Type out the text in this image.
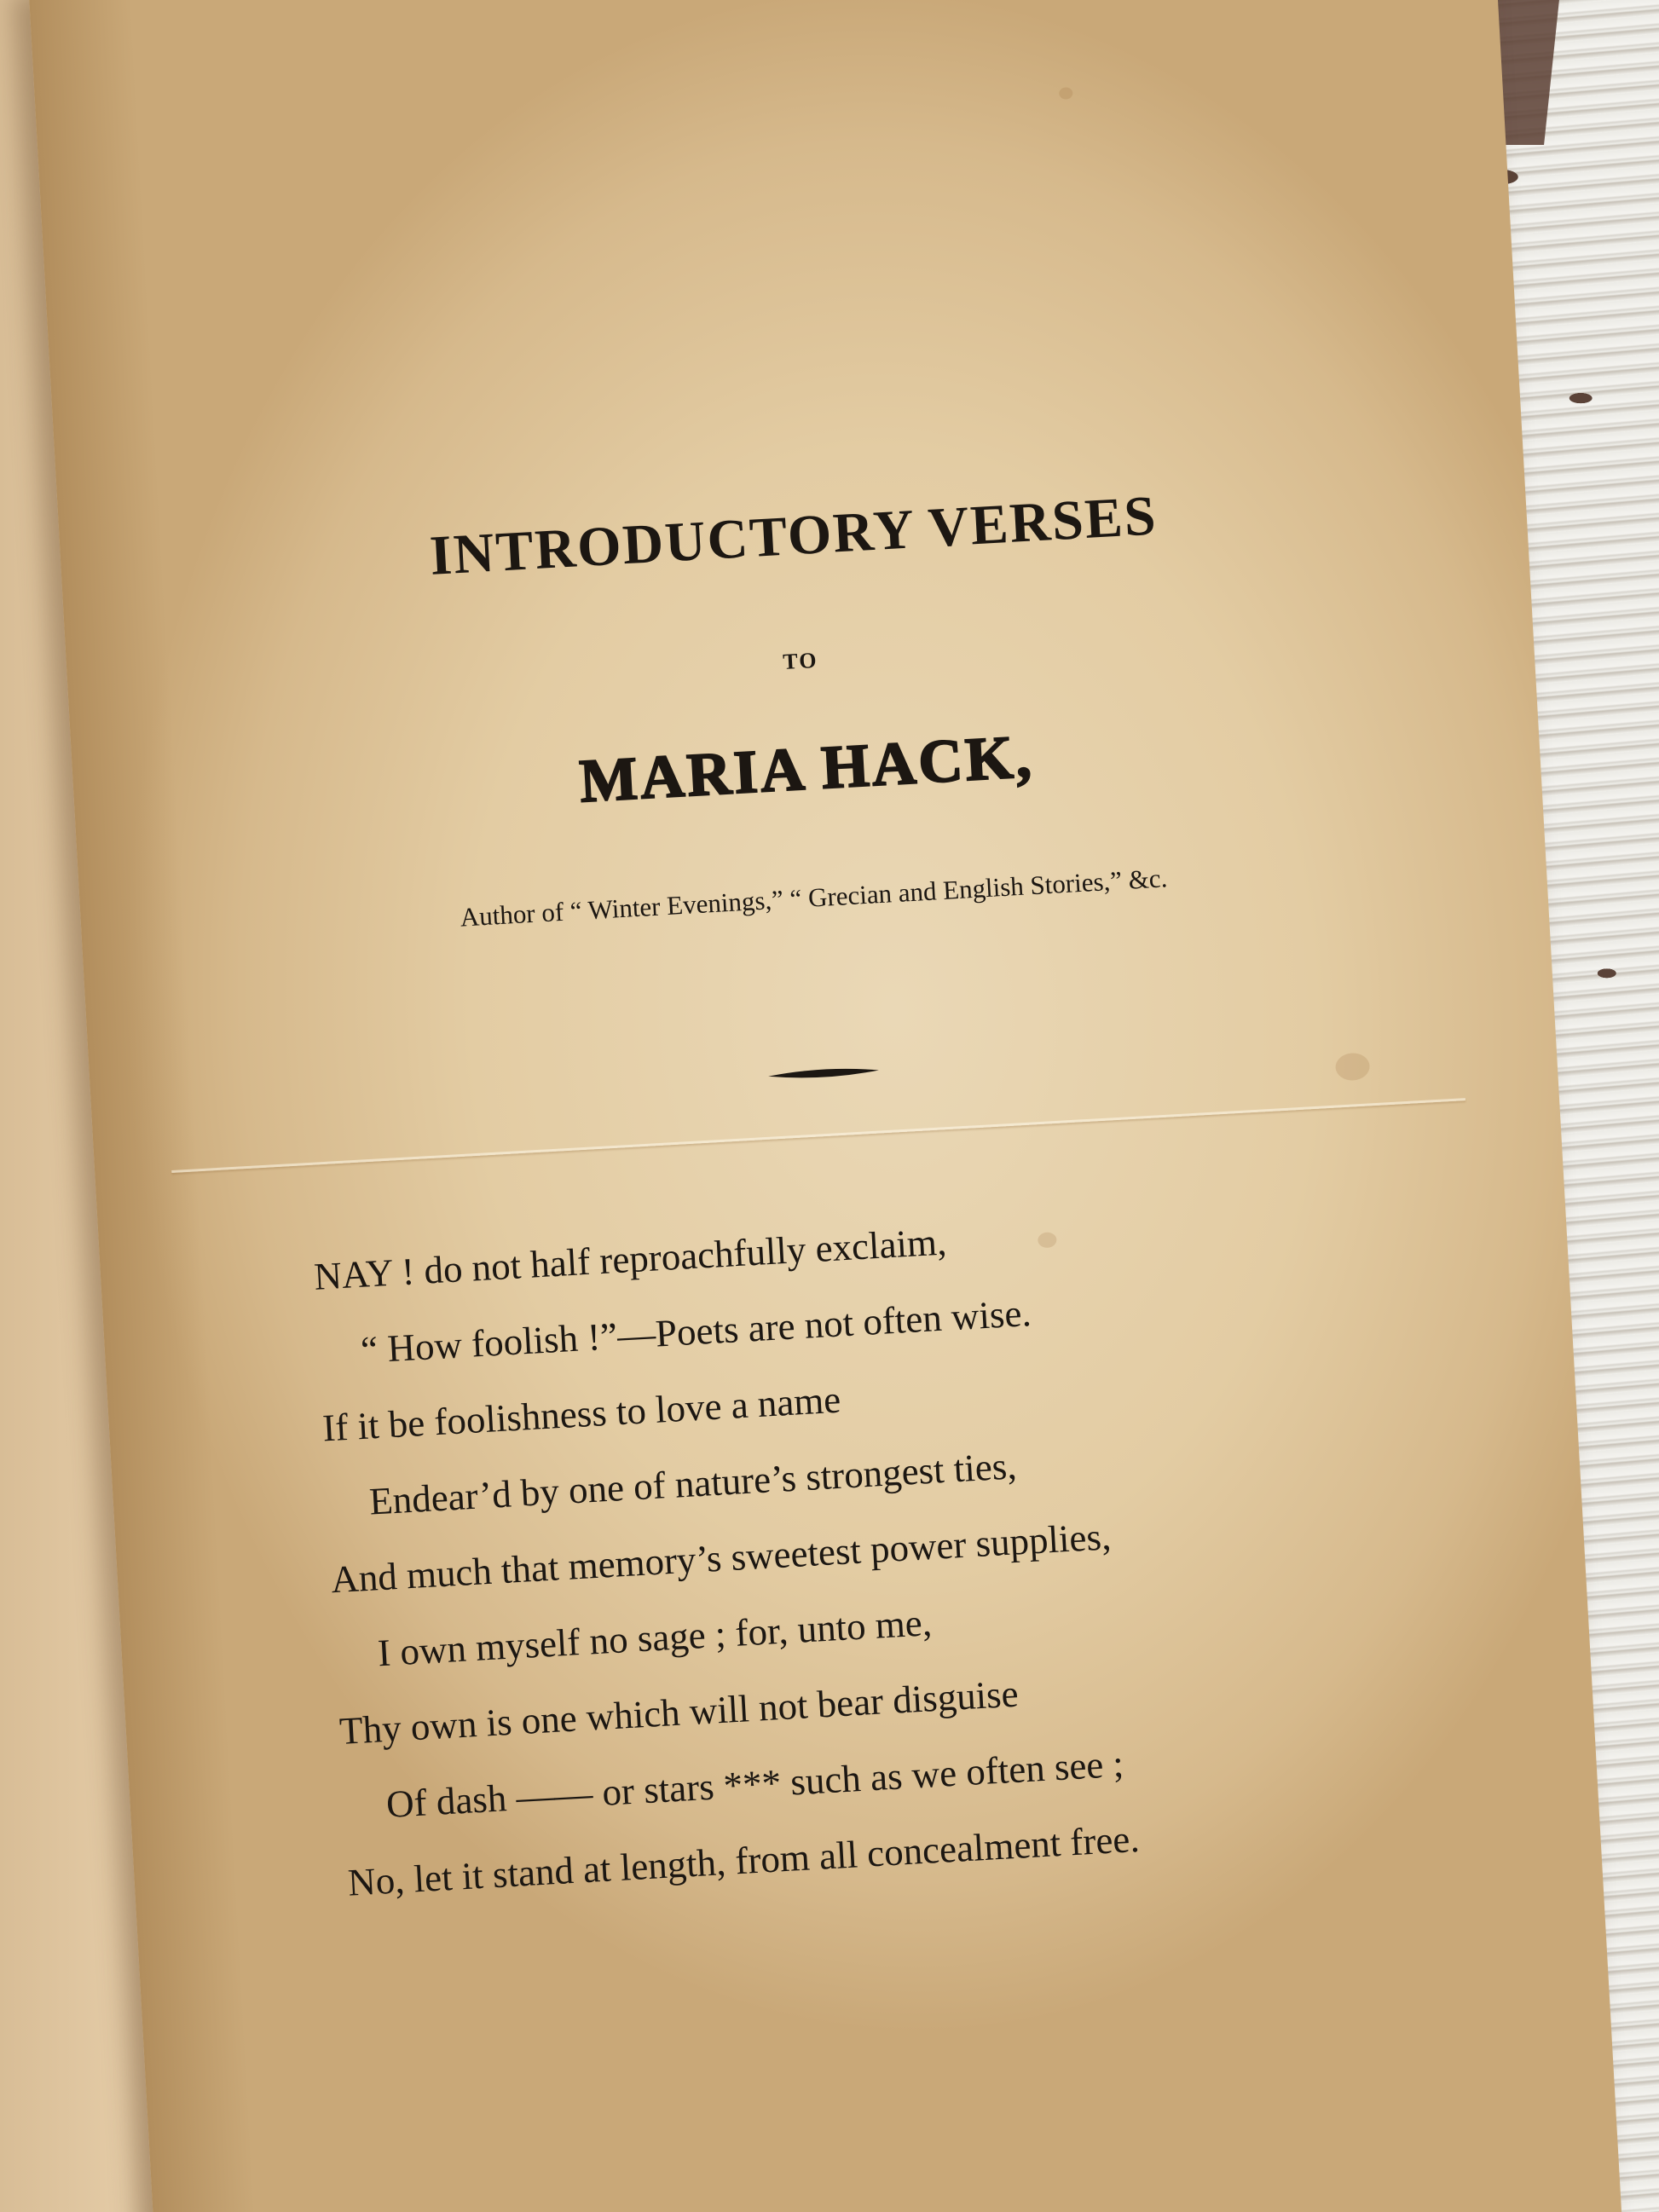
INTRODUCTORY VERSES
TO
MARIA HACK,
Author of “ Winter Evenings,” “ Grecian and English Stories,” &c.
NAY ! do not half reproachfully exclaim,
“ How foolish !”—Poets are not often wise.
If it be foolishness to love a name
Endear’d by one of nature’s strongest ties,
And much that memory’s sweetest power supplies,
I own myself no sage ; for, unto me,
Thy own is one which will not bear disguise
Of dash —— or stars *** such as we often see ;
No, let it stand at length, from all concealment free.
